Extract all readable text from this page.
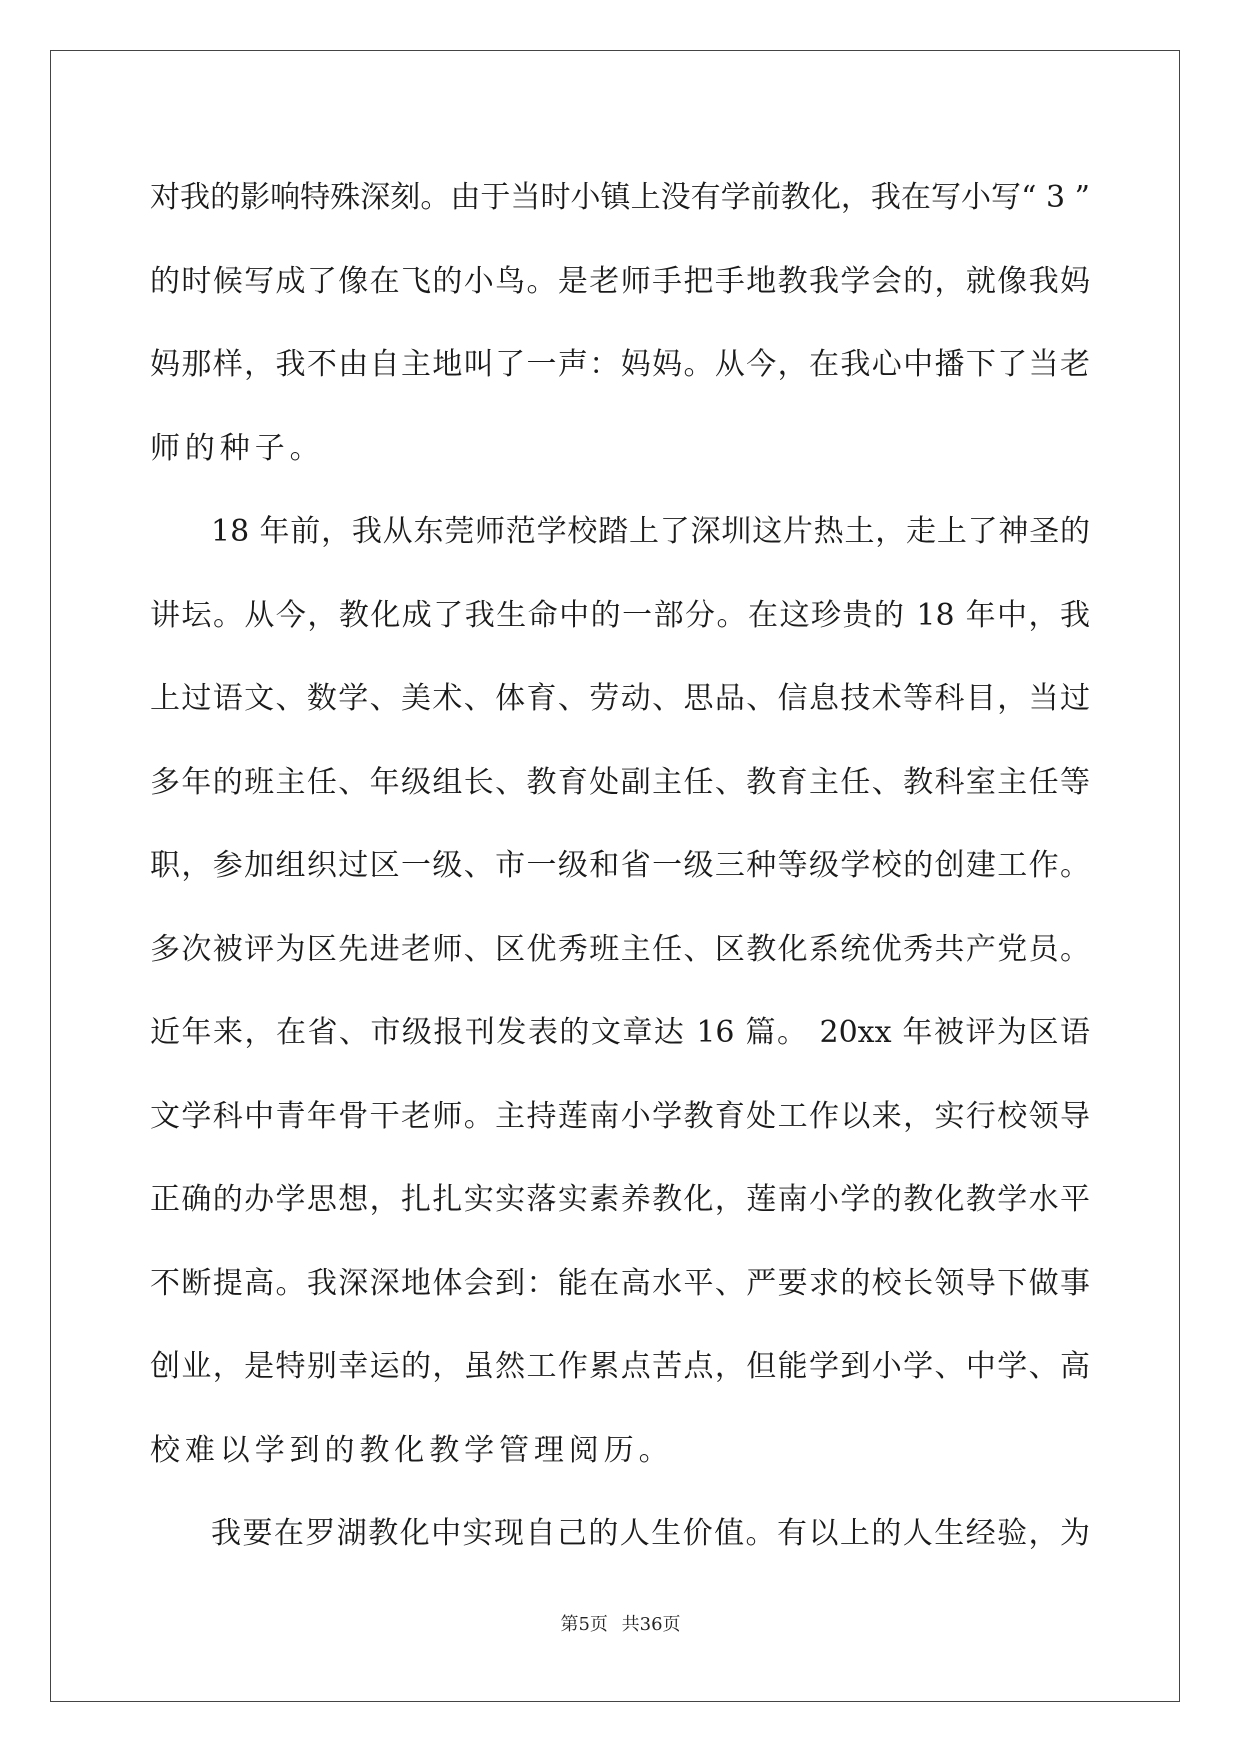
对我的影响特殊深刻。由于当时小镇上没有学前教化，我在写小写“ 3 ”
的时候写成了像在飞的小鸟。是老师手把手地教我学会的，就像我妈
妈那样，我不由自主地叫了一声：妈妈。从今，在我心中播下了当老
师的种子。
18 年前，我从东莞师范学校踏上了深圳这片热土，走上了神圣的
讲坛。从今，教化成了我生命中的一部分。在这珍贵的 18 年中，我
上过语文、数学、美术、体育、劳动、思品、信息技术等科目，当过
多年的班主任、年级组长、教育处副主任、教育主任、教科室主任等
职，参加组织过区一级、市一级和省一级三种等级学校的创建工作。
多次被评为区先进老师、区优秀班主任、区教化系统优秀共产党员。
近年来，在省、市级报刊发表的文章达 16 篇。 20xx 年被评为区语
文学科中青年骨干老师。主持莲南小学教育处工作以来，实行校领导
正确的办学思想，扎扎实实落实素养教化，莲南小学的教化教学水平
不断提高。我深深地体会到：能在高水平、严要求的校长领导下做事
创业，是特别幸运的，虽然工作累点苦点，但能学到小学、中学、高
校难以学到的教化教学管理阅历。
我要在罗湖教化中实现自己的人生价值。有以上的人生经验，为
第5页 共36页
